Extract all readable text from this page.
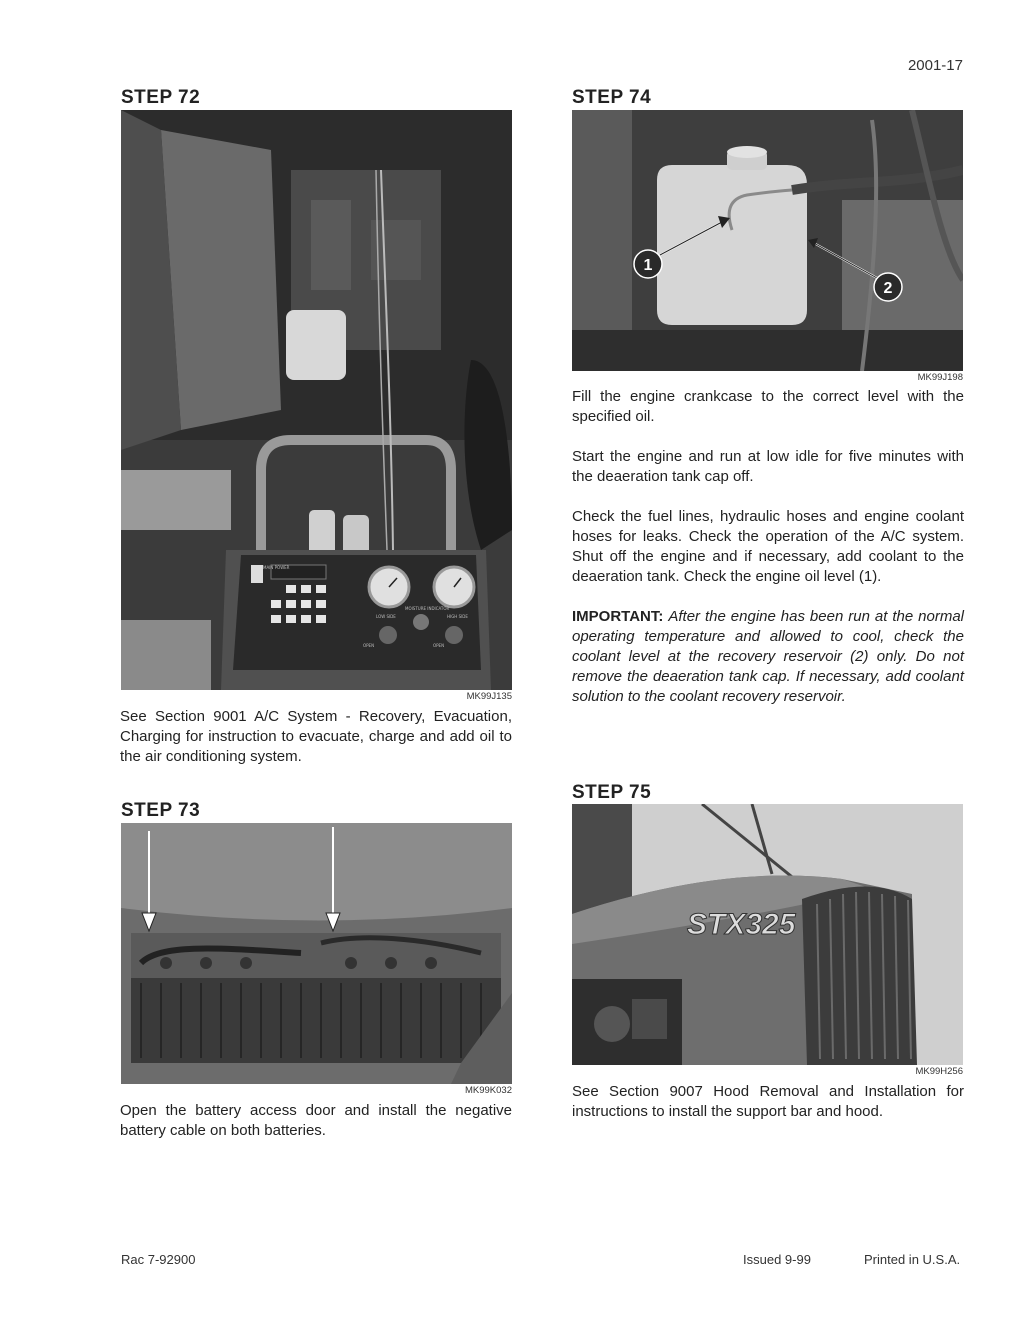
2001-17
STEP 72
MAIN POWER
MOISTURE INDICATOR
LOW SIDE	HIGH SIDE
OPEN	OPEN
MK99J135
See Section 9001 A/C System - Recovery, Evacuation, Charging for instruction to evacuate, charge and add oil to the air conditioning system.
STEP 73
MK99K032
Open the battery access door and install the negative battery cable on both batteries.
STEP 74
1
2
MK99J198

Fill the engine crankcase to the correct level with the specified oil.

Start the engine and run at low idle for five minutes with the deaeration tank cap off.

Check the fuel lines, hydraulic hoses and engine coolant hoses for leaks. Check the operation of the A/C system. Shut off the engine and if necessary, add coolant to the deaeration tank. Check the engine oil level (1).

IMPORTANT: After the engine has been run at the normal operating temperature and allowed to cool, check the coolant level at the recovery reservoir (2) only. Do not remove the deaeration tank cap. If necessary, add coolant solution to the coolant recovery reservoir.

STEP 75
STX325
MK99H256
See Section 9007 Hood Removal and Installation for instructions to install the support bar and hood.
Rac 7-92900	Issued 9-99	Printed in U.S.A.
